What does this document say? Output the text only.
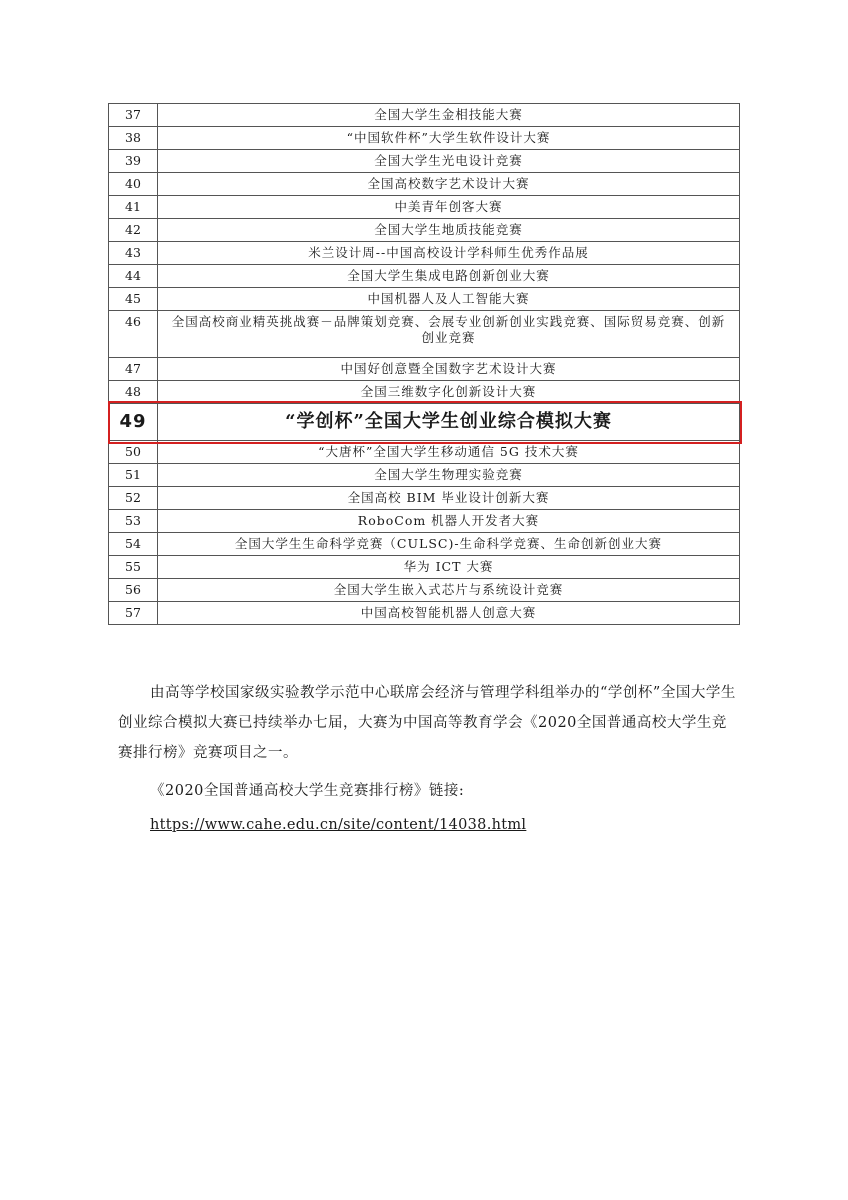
37	全国大学生金相技能大赛
38	“中国软件杯”大学生软件设计大赛
39	全国大学生光电设计竞赛
40	全国高校数字艺术设计大赛
41	中美青年创客大赛
42	全国大学生地质技能竞赛
43	米兰设计周--中国高校设计学科师生优秀作品展
44	全国大学生集成电路创新创业大赛
45	中国机器人及人工智能大赛
46	全国高校商业精英挑战赛－品牌策划竞赛、会展专业创新创业实践竞赛、国际贸易竞赛、创新创业竞赛
47	中国好创意暨全国数字艺术设计大赛
48	全国三维数字化创新设计大赛
49	“学创杯”全国大学生创业综合模拟大赛
50	“大唐杯”全国大学生移动通信 5G 技术大赛
51	全国大学生物理实验竞赛
52	全国高校 BIM 毕业设计创新大赛
53	RoboCom 机器人开发者大赛
54	全国大学生生命科学竞赛（CULSC)-生命科学竞赛、生命创新创业大赛
55	华为 ICT 大赛
56	全国大学生嵌入式芯片与系统设计竞赛
57	中国高校智能机器人创意大赛

由高等学校国家级实验教学示范中心联席会经济与管理学科组举办的“学创杯”全国大学生创业综合模拟大赛已持续举办七届，大赛为中国高等教育学会《2020全国普通高校大学生竞赛排行榜》竞赛项目之一。

《2020全国普通高校大学生竞赛排行榜》链接:

https://www.cahe.edu.cn/site/content/14038.html
